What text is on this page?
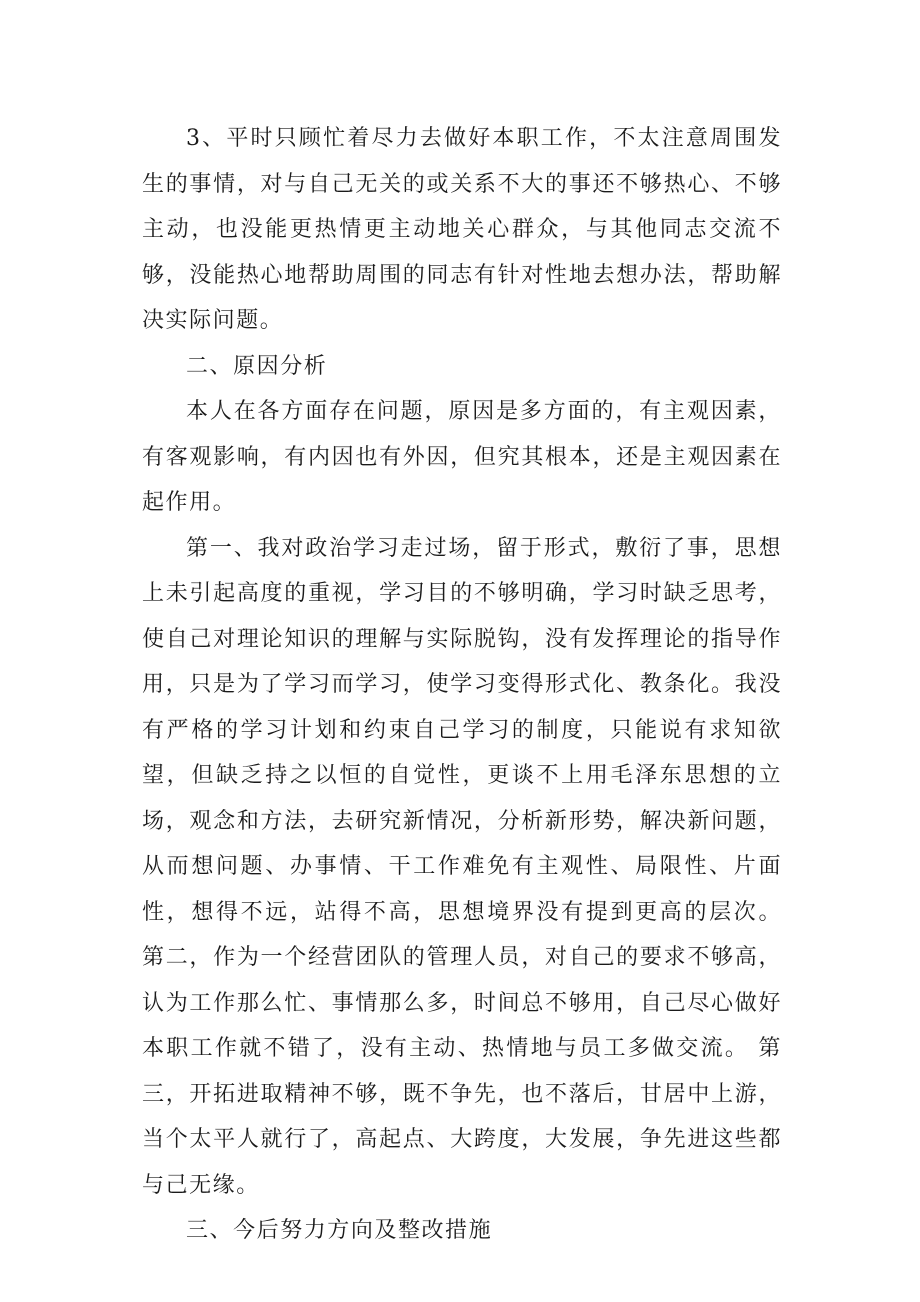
3、平时只顾忙着尽力去做好本职工作，不太注意周围发生的事情，对与自己无关的或关系不大的事还不够热心、不够主动，也没能更热情更主动地关心群众，与其他同志交流不够，没能热心地帮助周围的同志有针对性地去想办法，帮助解决实际问题。

二、原因分析

本人在各方面存在问题，原因是多方面的，有主观因素，有客观影响，有内因也有外因，但究其根本，还是主观因素在起作用。

第一、我对政治学习走过场，留于形式，敷衍了事，思想上未引起高度的重视，学习目的不够明确，学习时缺乏思考，使自己对理论知识的理解与实际脱钩，没有发挥理论的指导作用，只是为了学习而学习，使学习变得形式化、教条化。我没有严格的学习计划和约束自己学习的制度，只能说有求知欲望，但缺乏持之以恒的自觉性，更谈不上用毛泽东思想的立场，观念和方法，去研究新情况，分析新形势，解决新问题，从而想问题、办事情、干工作难免有主观性、局限性、片面性，想得不远，站得不高，思想境界没有提到更高的层次。 第二，作为一个经营团队的管理人员，对自己的要求不够高，认为工作那么忙、事情那么多，时间总不够用，自己尽心做好本职工作就不错了，没有主动、热情地与员工多做交流。 第三，开拓进取精神不够，既不争先，也不落后，甘居中上游，当个太平人就行了，高起点、大跨度，大发展，争先进这些都与己无缘。

三、今后努力方向及整改措施
